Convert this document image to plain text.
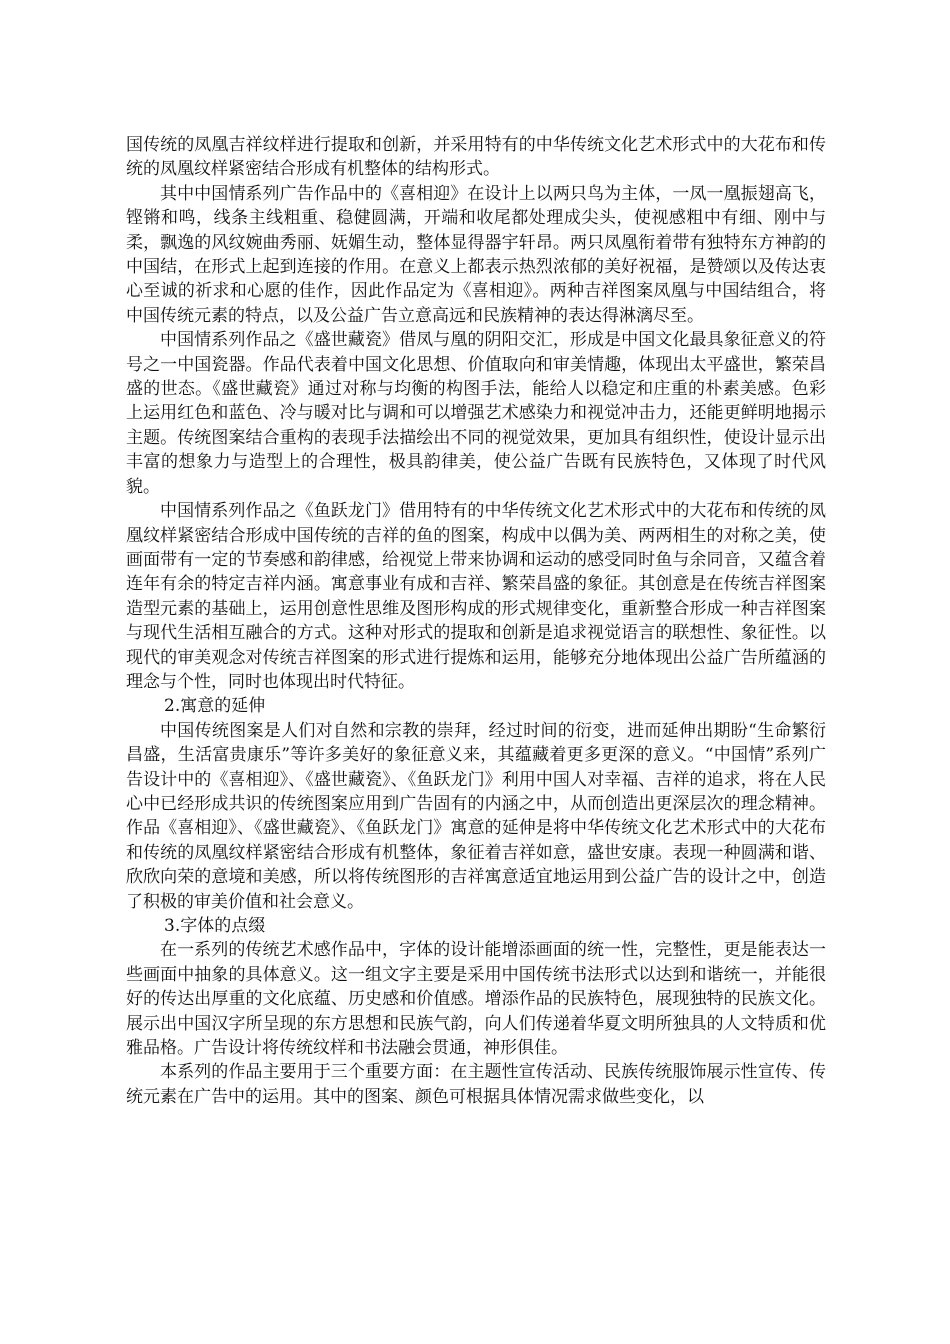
国传统的凤凰吉祥纹样进行提取和创新，并采用特有的中华传统文化艺术形式中的大花布和传统的凤凰纹样紧密结合形成有机整体的结构形式。

其中中国情系列广告作品中的《喜相迎》在设计上以两只鸟为主体，一凤一凰振翅高飞，铿锵和鸣，线条主线粗重、稳健圆满，开端和收尾都处理成尖头，使视感粗中有细、刚中与柔，飘逸的风纹婉曲秀丽、妩媚生动，整体显得器宇轩昂。两只凤凰衔着带有独特东方神韵的中国结，在形式上起到连接的作用。在意义上都表示热烈浓郁的美好祝福，是赞颂以及传达衷心至诚的祈求和心愿的佳作，因此作品定为《喜相迎》。两种吉祥图案凤凰与中国结组合，将中国传统元素的特点，以及公益广告立意高远和民族精神的表达得淋漓尽至。

中国情系列作品之《盛世藏瓷》借凤与凰的阴阳交汇，形成是中国文化最具象征意义的符号之一中国瓷器。作品代表着中国文化思想、价值取向和审美情趣，体现出太平盛世，繁荣昌盛的世态。《盛世藏瓷》通过对称与均衡的构图手法，能给人以稳定和庄重的朴素美感。色彩上运用红色和蓝色、冷与暖对比与调和可以增强艺术感染力和视觉冲击力，还能更鲜明地揭示主题。传统图案结合重构的表现手法描绘出不同的视觉效果，更加具有组织性，使设计显示出丰富的想象力与造型上的合理性，极具韵律美，使公益广告既有民族特色，又体现了时代风貌。

中国情系列作品之《鱼跃龙门》借用特有的中华传统文化艺术形式中的大花布和传统的凤凰纹样紧密结合形成中国传统的吉祥的鱼的图案，构成中以偶为美、两两相生的对称之美，使画面带有一定的节奏感和韵律感，给视觉上带来协调和运动的感受同时鱼与余同音，又蕴含着连年有余的特定吉祥内涵。寓意事业有成和吉祥、繁荣昌盛的象征。其创意是在传统吉祥图案造型元素的基础上，运用创意性思维及图形构成的形式规律变化，重新整合形成一种吉祥图案与现代生活相互融合的方式。这种对形式的提取和创新是追求视觉语言的联想性、象征性。以现代的审美观念对传统吉祥图案的形式进行提炼和运用，能够充分地体现出公益广告所蕴涵的理念与个性，同时也体现出时代特征。

2.寓意的延伸

中国传统图案是人们对自然和宗教的崇拜，经过时间的衍变，进而延伸出期盼“生命繁衍昌盛，生活富贵康乐”等许多美好的象征意义来，其蕴藏着更多更深的意义。“中国情”系列广告设计中的《喜相迎》、《盛世藏瓷》、《鱼跃龙门》利用中国人对幸福、吉祥的追求，将在人民心中已经形成共识的传统图案应用到广告固有的内涵之中，从而创造出更深层次的理念精神。作品《喜相迎》、《盛世藏瓷》、《鱼跃龙门》寓意的延伸是将中华传统文化艺术形式中的大花布和传统的凤凰纹样紧密结合形成有机整体，象征着吉祥如意，盛世安康。表现一种圆满和谐、欣欣向荣的意境和美感，所以将传统图形的吉祥寓意适宜地运用到公益广告的设计之中，创造了积极的审美价值和社会意义。

3.字体的点缀

在一系列的传统艺术感作品中，字体的设计能增添画面的统一性，完整性，更是能表达一些画面中抽象的具体意义。这一组文字主要是采用中国传统书法形式以达到和谐统一，并能很好的传达出厚重的文化底蕴、历史感和价值感。增添作品的民族特色，展现独特的民族文化。展示出中国汉字所呈现的东方思想和民族气韵，向人们传递着华夏文明所独具的人文特质和优雅品格。广告设计将传统纹样和书法融会贯通，神形俱佳。

本系列的作品主要用于三个重要方面：在主题性宣传活动、民族传统服饰展示性宣传、传统元素在广告中的运用。其中的图案、颜色可根据具体情况需求做些变化，以
